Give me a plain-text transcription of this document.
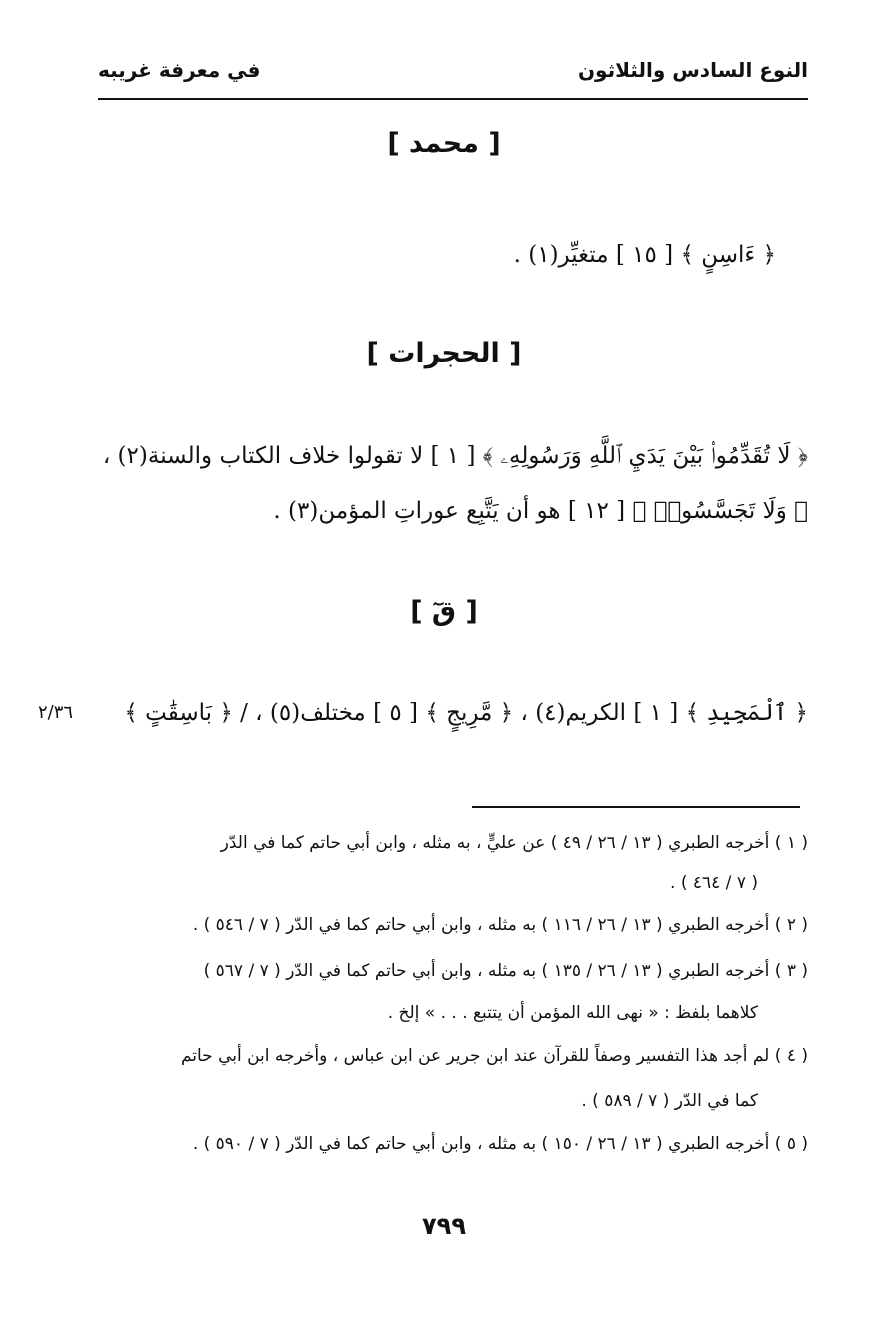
النوع السادس والثلاثون
في معرفة غريبه
[ محمد ]
﴿ ءَاسِنٍ ﴾ [ ١٥ ] متغيِّر(١) .
[ الحجرات ]
﴿ لَا تُقَدِّمُوا۟ بَيْنَ يَدَيِ ٱللَّهِ وَرَسُولِهِۦ ﴾ [ ١ ] لا تقولوا خلاف الكتاب والسنة(٢) ،
﴿ وَلَا تَجَسَّسُوا۟ ﴾ [ ١٢ ] هو أن يَتَّبِع عوراتِ المؤمن(٣) .
[ قٓ ]
﴿ ٱلْمَجِيدِ ﴾ [ ١ ] الكريم(٤) ، ﴿ مَّرِيجٍ ﴾ [ ٥ ] مختلف(٥) ، / ﴿ بَاسِقَٰتٍ ﴾
٢/٣٦
( ١ ) أخرجه الطبري ( ١٣ / ٢٦ / ٤٩ ) عن عليٍّ ، به مثله ، وابن أبي حاتم كما في الدّر
( ٧ / ٤٦٤ ) .
( ٢ ) أخرجه الطبري ( ١٣ / ٢٦ / ١١٦ ) به مثله ، وابن أبي حاتم كما في الدّر ( ٧ / ٥٤٦ ) .
( ٣ ) أخرجه الطبري ( ١٣ / ٢٦ / ١٣٥ ) به مثله ، وابن أبي حاتم كما في الدّر ( ٧ / ٥٦٧ )
كلاهما بلفظ : « نهى الله المؤمن أن يتتبع . . . » إلخ .
( ٤ ) لم أجد هذا التفسير وصفاً للقرآن عند ابن جرير عن ابن عباس ، وأخرجه ابن أبي حاتم
كما في الدّر ( ٧ / ٥٨٩ ) .
( ٥ ) أخرجه الطبري ( ١٣ / ٢٦ / ١٥٠ ) به مثله ، وابن أبي حاتم كما في الدّر ( ٧ / ٥٩٠ ) .
٧٩٩
